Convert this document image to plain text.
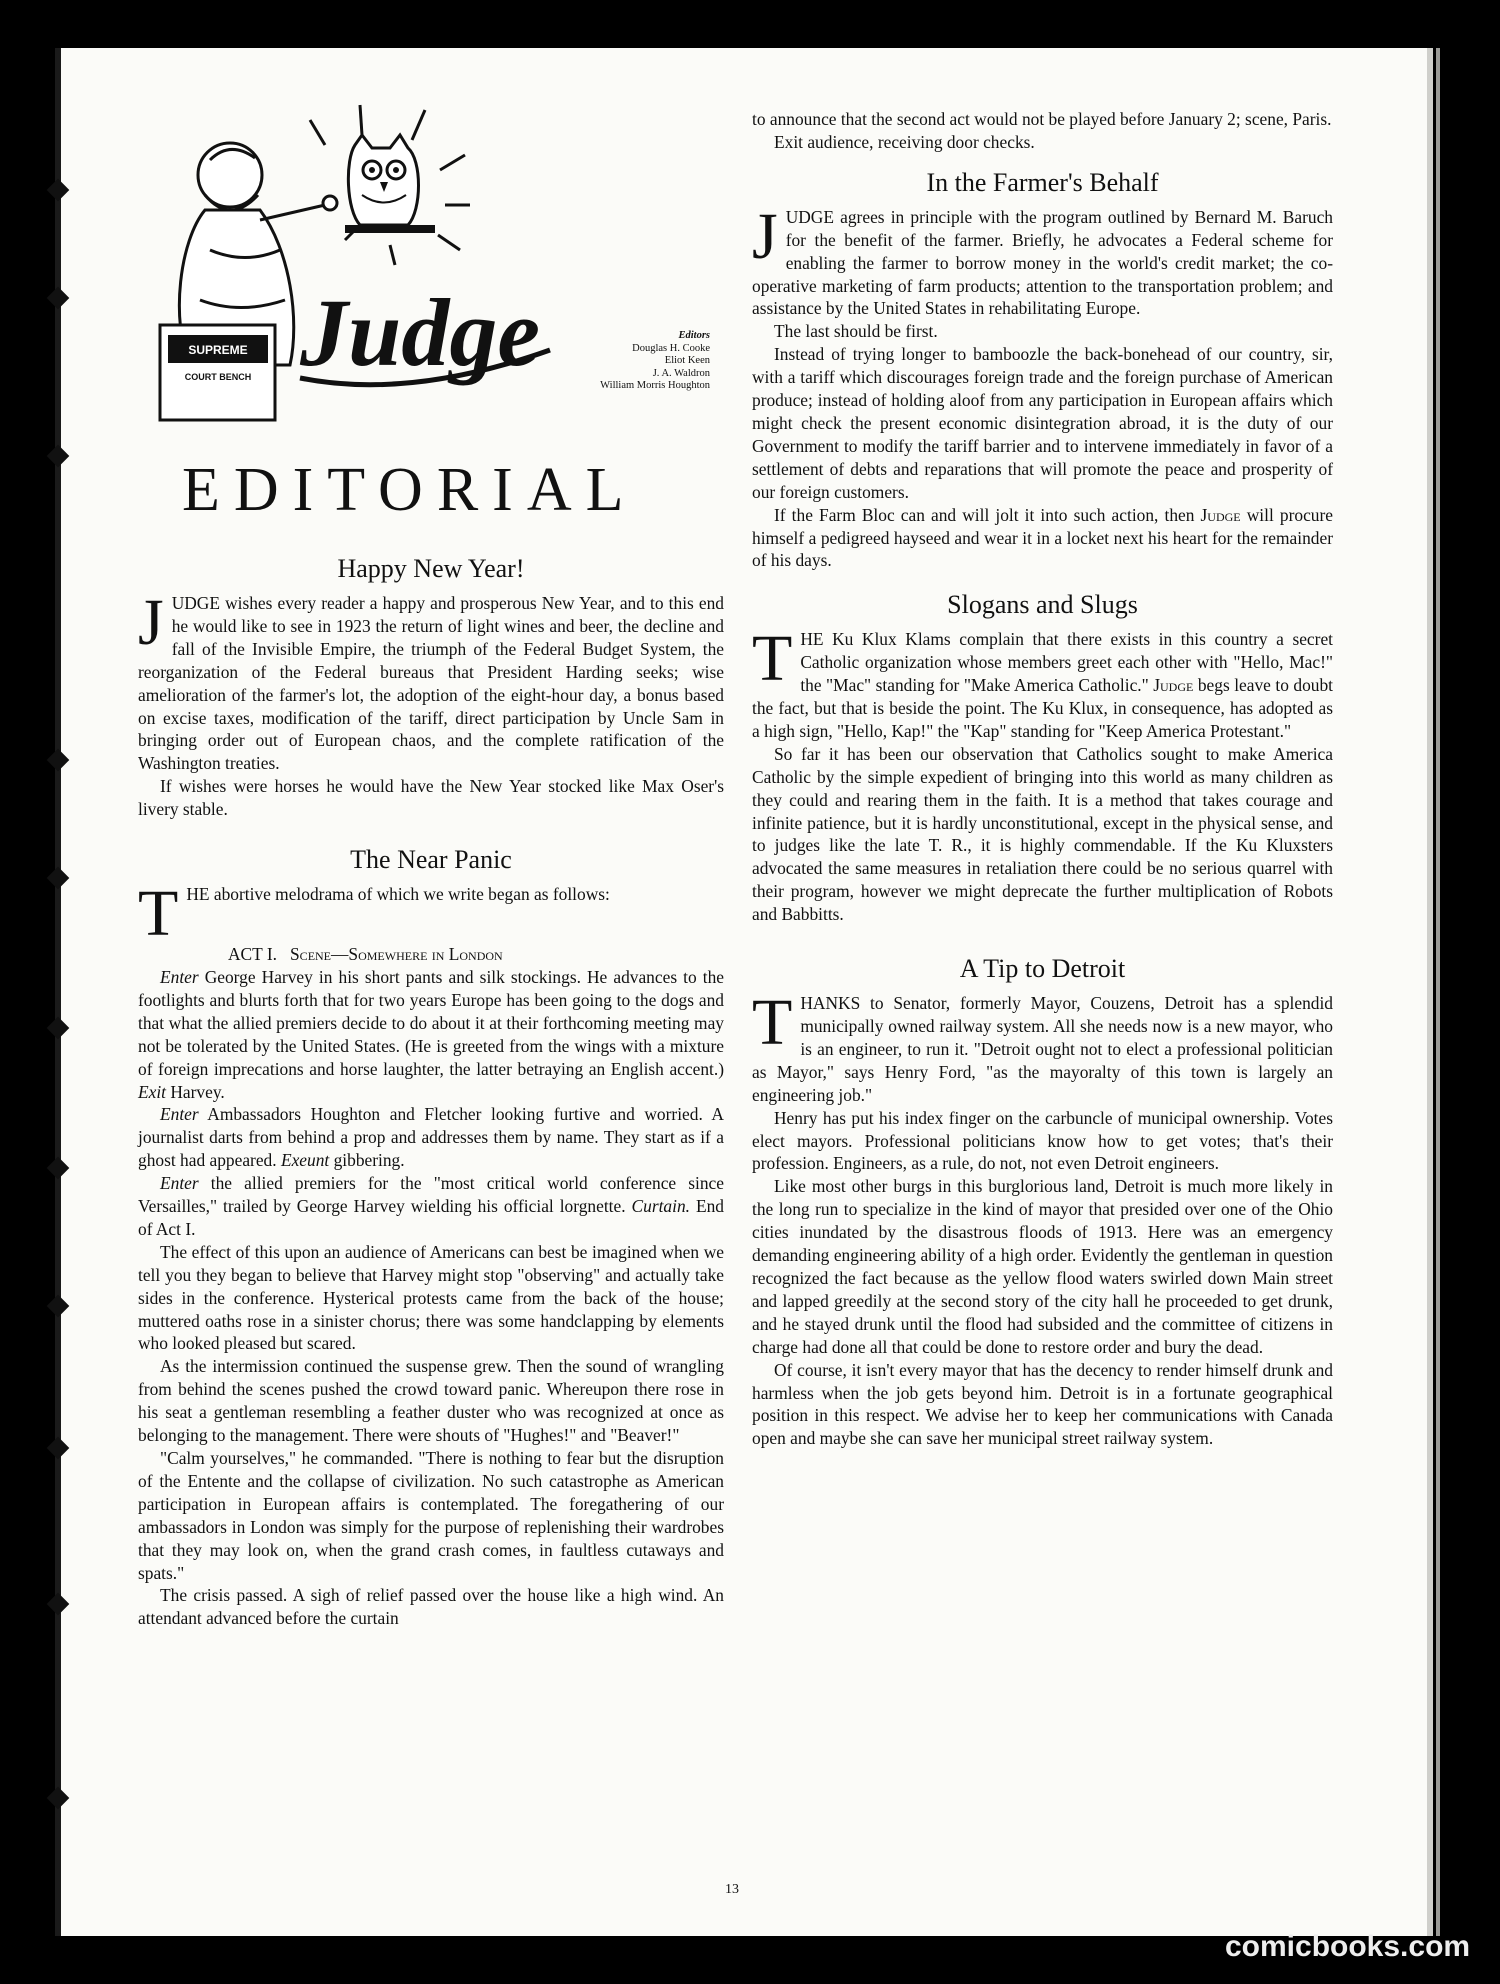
SUPREME
COURT BENCH Judge	Editors
Douglas H. Cooke
Eliot Keen
J. A. Waldron
William Morris Houghton
EDITORIAL
Happy New Year!

JUDGE wishes every reader a happy and prosperous New Year, and to this end he would like to see in 1923 the return of light wines and beer, the decline and fall of the Invisible Empire, the triumph of the Federal Budget System, the reorganization of the Federal bureaus that President Harding seeks; wise amelioration of the farmer's lot, the adoption of the eight-hour day, a bonus based on excise taxes, modification of the tariff, direct participation by Uncle Sam in bringing order out of European chaos, and the complete ratification of the Washington treaties.

If wishes were horses he would have the New Year stocked like Max Oser's livery stable.

The Near Panic

THE abortive melodrama of which we write began as follows:

ACT I. Scene—Somewhere in London

Enter George Harvey in his short pants and silk stockings. He advances to the footlights and blurts forth that for two years Europe has been going to the dogs and that what the allied premiers decide to do about it at their forthcoming meeting may not be tolerated by the United States. (He is greeted from the wings with a mixture of foreign imprecations and horse laughter, the latter betraying an English accent.) Exit Harvey.

Enter Ambassadors Houghton and Fletcher looking furtive and worried. A journalist darts from behind a prop and addresses them by name. They start as if a ghost had appeared. Exeunt gibbering.

Enter the allied premiers for the "most critical world conference since Versailles," trailed by George Harvey wielding his official lorgnette. Curtain. End of Act I.

The effect of this upon an audience of Americans can best be imagined when we tell you they began to believe that Harvey might stop "observing" and actually take sides in the conference. Hysterical protests came from the back of the house; muttered oaths rose in a sinister chorus; there was some handclapping by elements who looked pleased but scared.

As the intermission continued the suspense grew. Then the sound of wrangling from behind the scenes pushed the crowd toward panic. Whereupon there rose in his seat a gentleman resembling a feather duster who was recognized at once as belonging to the management. There were shouts of "Hughes!" and "Beaver!"

"Calm yourselves," he commanded. "There is nothing to fear but the disruption of the Entente and the collapse of civilization. No such catastrophe as American participation in European affairs is contemplated. The foregathering of our ambassadors in London was simply for the purpose of replenishing their wardrobes that they may look on, when the grand crash comes, in faultless cutaways and spats."

The crisis passed. A sigh of relief passed over the house like a high wind. An attendant advanced before the curtain

to announce that the second act would not be played before January 2; scene, Paris.

Exit audience, receiving door checks.

In the Farmer's Behalf

JUDGE agrees in principle with the program outlined by Bernard M. Baruch for the benefit of the farmer. Briefly, he advocates a Federal scheme for enabling the farmer to borrow money in the world's credit market; the co-operative marketing of farm products; attention to the transportation problem; and assistance by the United States in rehabilitating Europe.

The last should be first.

Instead of trying longer to bamboozle the back-bonehead of our country, sir, with a tariff which discourages foreign trade and the foreign purchase of American produce; instead of holding aloof from any participation in European affairs which might check the present economic disintegration abroad, it is the duty of our Government to modify the tariff barrier and to intervene immediately in favor of a settlement of debts and reparations that will promote the peace and prosperity of our foreign customers.

If the Farm Bloc can and will jolt it into such action, then Judge will procure himself a pedigreed hayseed and wear it in a locket next his heart for the remainder of his days.

Slogans and Slugs

THE Ku Klux Klams complain that there exists in this country a secret Catholic organization whose members greet each other with "Hello, Mac!" the "Mac" standing for "Make America Catholic." Judge begs leave to doubt the fact, but that is beside the point. The Ku Klux, in consequence, has adopted as a high sign, "Hello, Kap!" the "Kap" standing for "Keep America Protestant."

So far it has been our observation that Catholics sought to make America Catholic by the simple expedient of bringing into this world as many children as they could and rearing them in the faith. It is a method that takes courage and infinite patience, but it is hardly unconstitutional, except in the physical sense, and to judges like the late T. R., it is highly commendable. If the Ku Kluxsters advocated the same measures in retaliation there could be no serious quarrel with their program, however we might deprecate the further multiplication of Robots and Babbitts.

A Tip to Detroit

THANKS to Senator, formerly Mayor, Couzens, Detroit has a splendid municipally owned railway system. All she needs now is a new mayor, who is an engineer, to run it. "Detroit ought not to elect a professional politician as Mayor," says Henry Ford, "as the mayoralty of this town is largely an engineering job."

Henry has put his index finger on the carbuncle of municipal ownership. Votes elect mayors. Professional politicians know how to get votes; that's their profession. Engineers, as a rule, do not, not even Detroit engineers.

Like most other burgs in this burglorious land, Detroit is much more likely in the long run to specialize in the kind of mayor that presided over one of the Ohio cities inundated by the disastrous floods of 1913. Here was an emergency demanding engineering ability of a high order. Evidently the gentleman in question recognized the fact because as the yellow flood waters swirled down Main street and lapped greedily at the second story of the city hall he proceeded to get drunk, and he stayed drunk until the flood had subsided and the committee of citizens in charge had done all that could be done to restore order and bury the dead.

Of course, it isn't every mayor that has the decency to render himself drunk and harmless when the job gets beyond him. Detroit is in a fortunate geographical position in this respect. We advise her to keep her communications with Canada open and maybe she can save her municipal street railway system.

13
comicbooks.com
